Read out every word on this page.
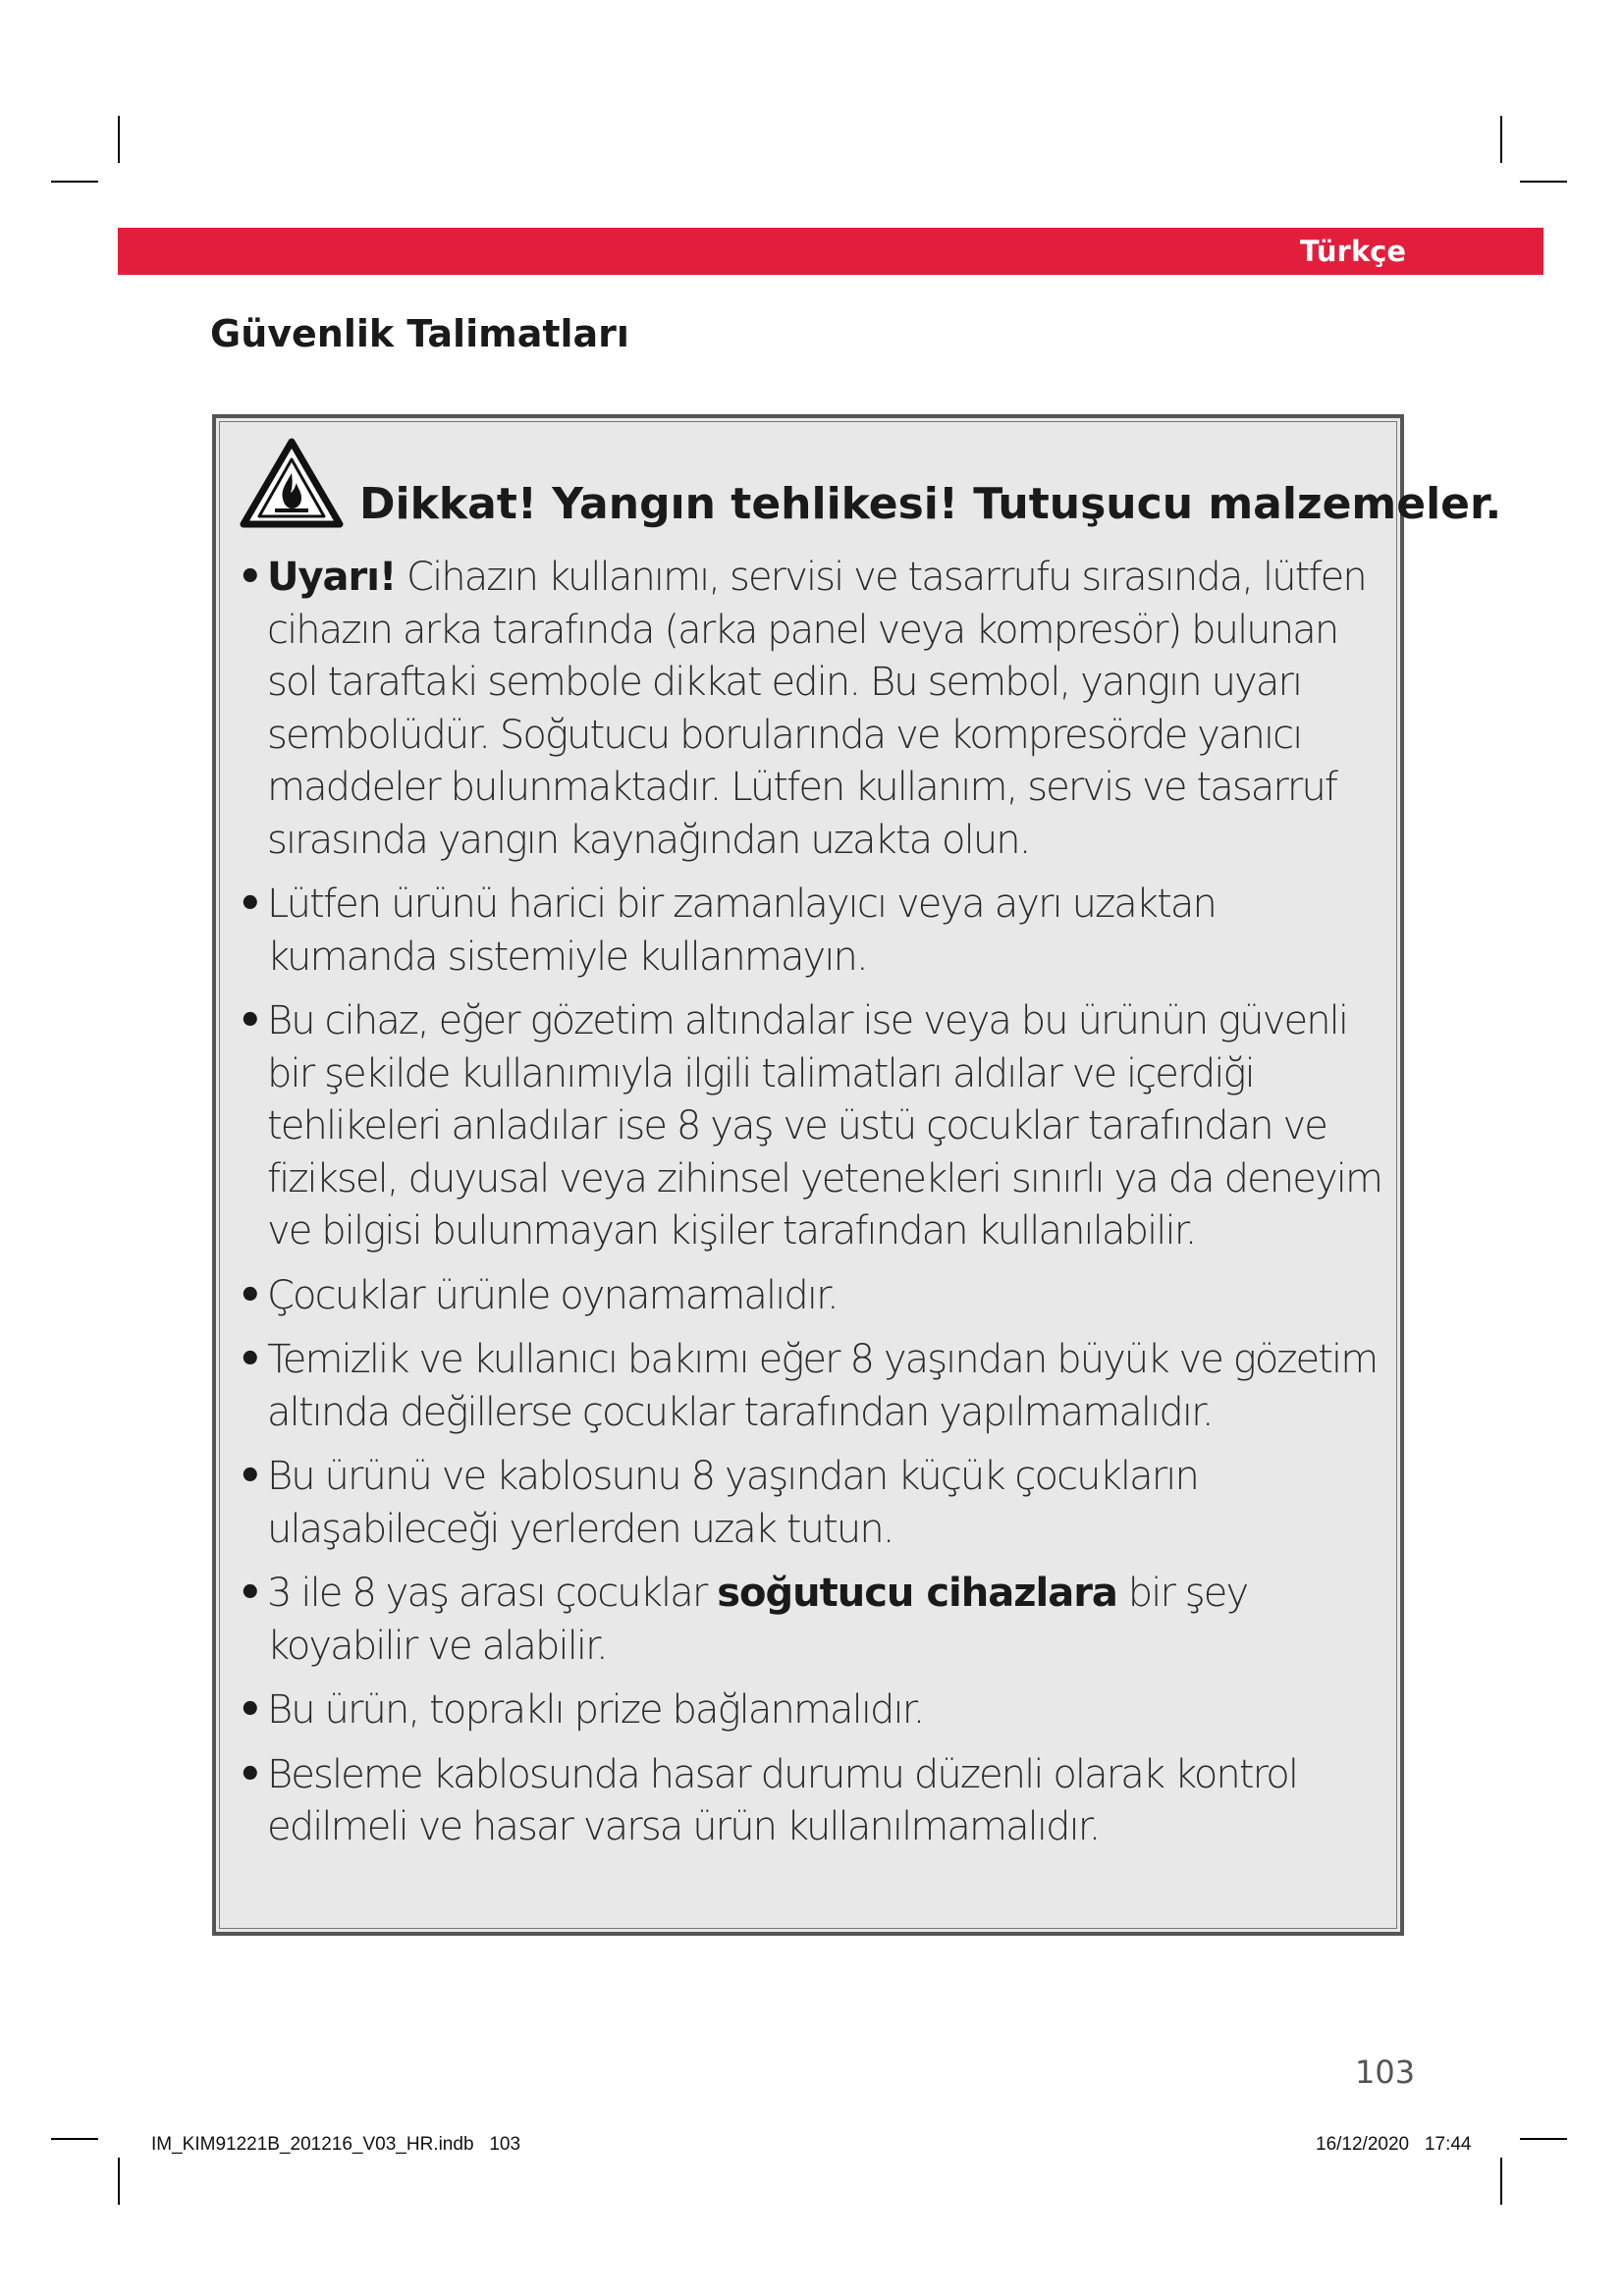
Türkçe
Güvenlik Talimatları
Dikkat! Yangın tehlikesi! Tutuşucu malzemeler.
• Uyarı! Cihazın kullanımı, servisi ve tasarrufu sırasında, lütfen cihazın arka tarafında (arka panel veya kompresör) bulunan sol taraftaki sembole dikkat edin. Bu sembol, yangın uyarı sembolüdür. Soğutucu borularında ve kompresörde yanıcı maddeler bulunmaktadır. Lütfen kullanım, servis ve tasarruf sırasında yangın kaynağından uzakta olun.
• Lütfen ürünü harici bir zamanlayıcı veya ayrı uzaktan kumanda sistemiyle kullanmayın.
• Bu cihaz, eğer gözetim altındalar ise veya bu ürünün güvenli bir şekilde kullanımıyla ilgili talimatları aldılar ve içerdiği tehlikeleri anladılar ise 8 yaş ve üstü çocuklar tarafından ve fiziksel, duyusal veya zihinsel yetenekleri sınırlı ya da deneyim ve bilgisi bulunmayan kişiler tarafından kullanılabilir.
• Çocuklar ürünle oynamamalıdır.
• Temizlik ve kullanıcı bakımı eğer 8 yaşından büyük ve gözetim altında değillerse çocuklar tarafından yapılmamalıdır.
• Bu ürünü ve kablosunu 8 yaşından küçük çocukların ulaşabileceği yerlerden uzak tutun.
• 3 ile 8 yaş arası çocuklar soğutucu cihazlara bir şey koyabilir ve alabilir.
• Bu ürün, topraklı prize bağlanmalıdır.
• Besleme kablosunda hasar durumu düzenli olarak kontrol edilmeli ve hasar varsa ürün kullanılmamalıdır.
103
IM_KIM91221B_201216_V03_HR.indb   103	16/12/2020   17:44
